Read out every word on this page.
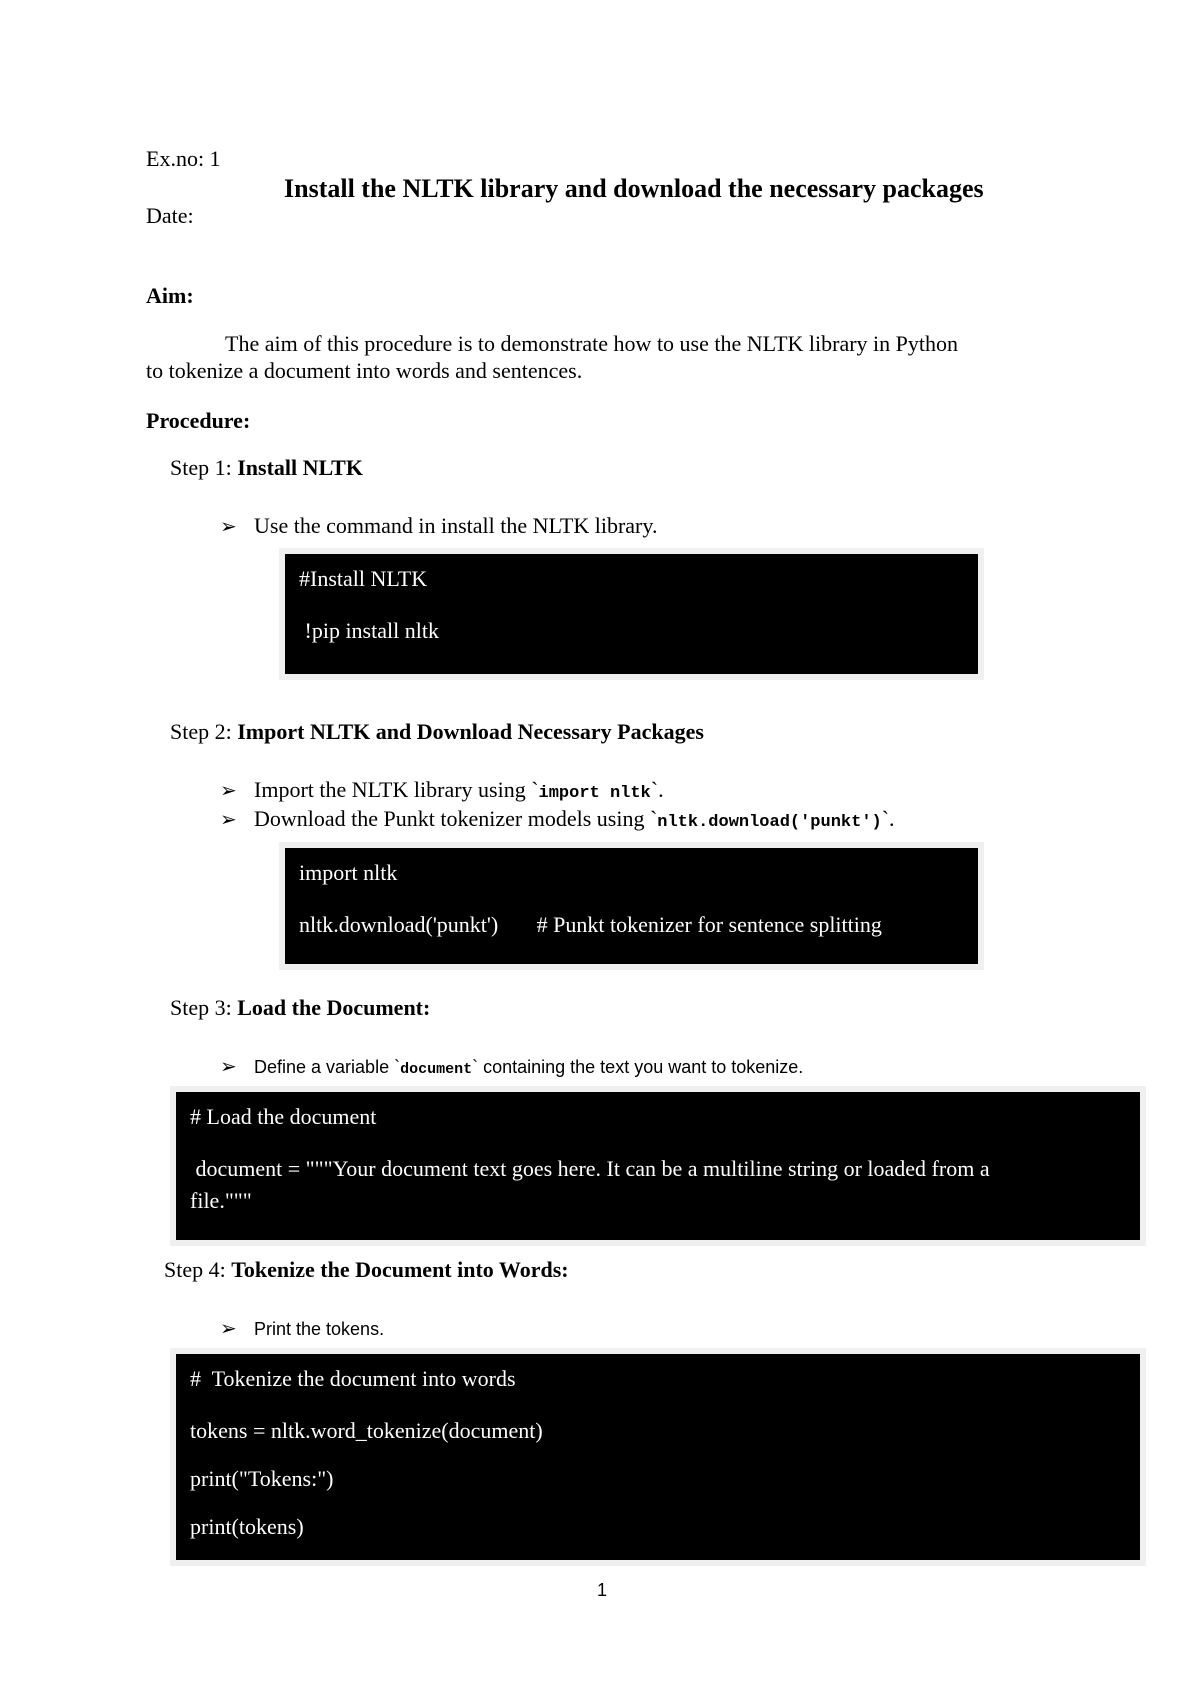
Ex.no: 1
Install the NLTK library and download the necessary packages
Date:
Aim:
The aim of this procedure is to demonstrate how to use the NLTK library in Python
to tokenize a document into words and sentences.
Procedure:
Step 1: Install NLTK
➢ Use the command in install the NLTK library.
#Install NLTK
!pip install nltk
Step 2: Import NLTK and Download Necessary Packages
➢ Import the NLTK library using `import nltk`.
➢ Download the Punkt tokenizer models using `nltk.download('punkt')`.
import nltk
nltk.download('punkt')       # Punkt tokenizer for sentence splitting
Step 3: Load the Document:
➢ Define a variable `document` containing the text you want to tokenize.
# Load the document
document = """Your document text goes here. It can be a multiline string or loaded from a
file."""
Step 4: Tokenize the Document into Words:
➢ Print the tokens.
#  Tokenize the document into words
tokens = nltk.word_tokenize(document)
print("Tokens:")
print(tokens)
1
